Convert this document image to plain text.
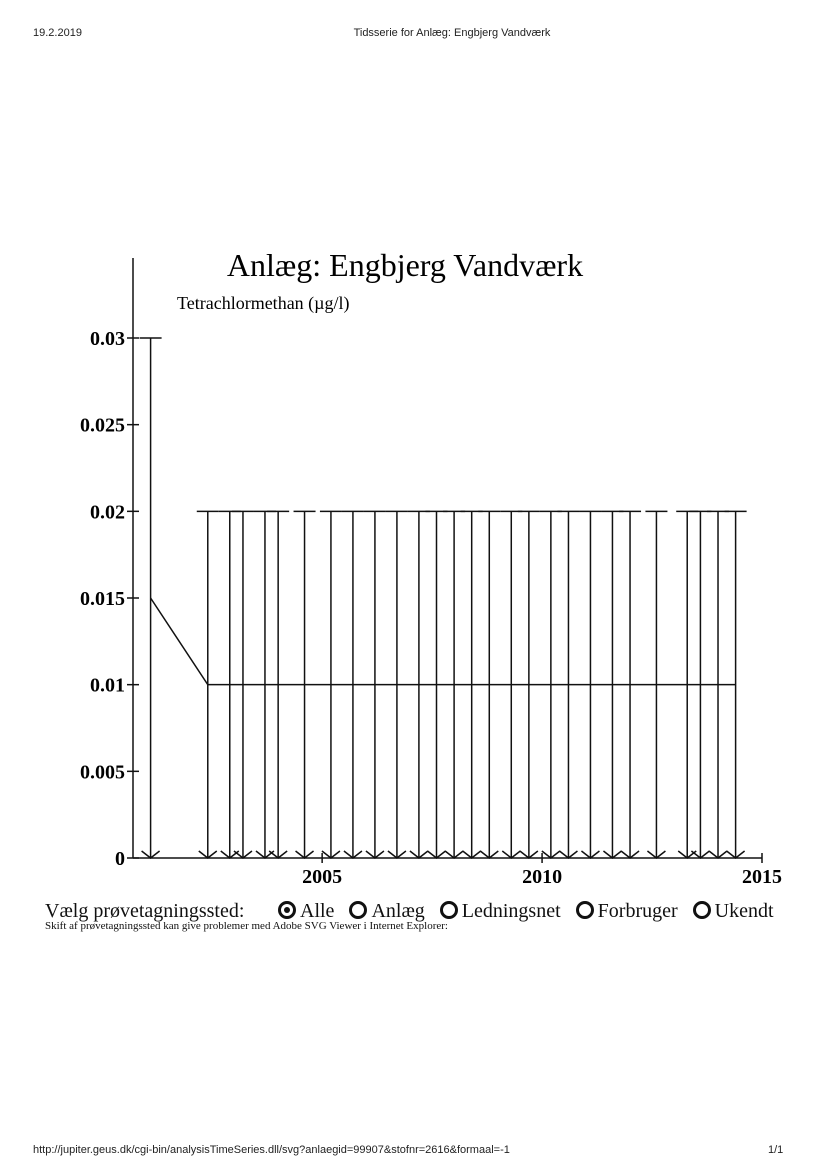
19.2.2019	Tidsserie for Anlæg: Engbjerg Vandværk
Anlæg: Engbjerg Vandværk
Tetrachlormethan (µg/l)
0
0.005
0.01
0.015
0.02
0.025
0.03
2005	2010	2015
Vælg prøvetagningssted:	Alle Anlæg Ledningsnet Forbruger Ukendt
Skift af prøvetagningssted kan give problemer med Adobe SVG Viewer i Internet Explorer:
http://jupiter.geus.dk/cgi-bin/analysisTimeSeries.dll/svg?anlaegid=99907&stofnr=2616&formaal=-1	1/1
